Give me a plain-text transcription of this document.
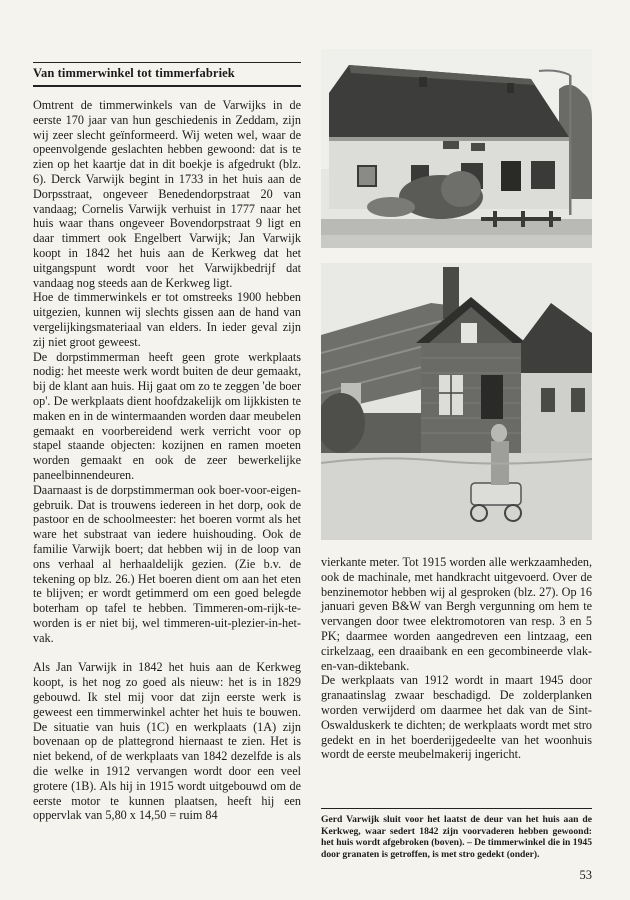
Van timmerwinkel tot timmerfabriek

Omtrent de timmerwinkels van de Varwijks in de eerste 170 jaar van hun geschiedenis in Zeddam, zijn wij zeer slecht geïnformeerd. Wij weten wel, waar de opeenvolgende geslachten hebben gewoond: dat is te zien op het kaartje dat in dit boekje is afgedrukt (blz. 6). Derck Varwijk begint in 1733 in het huis aan de Dorpsstraat, ongeveer Benedendorpstraat 20 van vandaag; Cornelis Varwijk verhuist in 1777 naar het huis waar thans ongeveer Bovendorpstraat 9 ligt en daar timmert ook Engelbert Varwijk; Jan Varwijk koopt in 1842 het huis aan de Kerkweg dat het uitgangspunt wordt voor het Varwijkbedrijf dat vandaag nog steeds aan de Kerkweg ligt.

Hoe de timmerwinkels er tot omstreeks 1900 hebben uitgezien, kunnen wij slechts gissen aan de hand van vergelijkingsmateriaal van elders. In ieder geval zijn zij niet groot geweest.

De dorpstimmerman heeft geen grote werkplaats nodig: het meeste werk wordt buiten de deur gemaakt, bij de klant aan huis. Hij gaat om zo te zeggen 'de boer op'. De werkplaats dient hoofdzakelijk om lijkkisten te maken en in de wintermaanden worden daar meubelen gemaakt en voorbereidend werk verricht voor op stapel staande objecten: kozijnen en ramen moeten worden gemaakt en ook de zeer bewerkelijke paneelbinnendeuren.

Daarnaast is de dorpstimmerman ook boer-voor-eigen-gebruik. Dat is trouwens iedereen in het dorp, ook de pastoor en de schoolmeester: het boeren vormt als het ware het substraat van iedere huishouding. Ook de familie Varwijk boert; dat hebben wij in de loop van ons verhaal al herhaaldelijk gezien. (Zie b.v. de tekening op blz. 26.) Het boeren dient om aan het eten te blijven; er wordt getimmerd om een goed belegde boterham op tafel te hebben. Timmeren-om-rijk-te-worden is er niet bij, wel timmeren-uit-plezier-in-het-vak.

Als Jan Varwijk in 1842 het huis aan de Kerkweg koopt, is het nog zo goed als nieuw: het is in 1829 gebouwd. Ik stel mij voor dat zijn eerste werk is geweest een timmerwinkel achter het huis te bouwen. De situatie van huis (1C) en werkplaats (1A) zijn bovenaan op de plattegrond hiernaast te zien. Het is niet bekend, of de werkplaats van 1842 dezelfde is als die welke in 1912 vervangen wordt door een veel grotere (1B). Als hij in 1915 wordt uitgebouwd om de eerste motor te kunnen plaatsen, heeft hij een oppervlak van 5,80 x 14,50 = ruim 84

vierkante meter. Tot 1915 worden alle werkzaamheden, ook de machinale, met handkracht uitgevoerd. Over de benzinemotor hebben wij al gesproken (blz. 27). Op 16 januari geven B&W van Bergh vergunning om hem te vervangen door twee elektromotoren van resp. 3 en 5 PK; daarmee worden aangedreven een lintzaag, een cirkelzaag, een draaibank en een gecombineerde vlak-en-van-diktebank.

De werkplaats van 1912 wordt in maart 1945 door granaatinslag zwaar beschadigd. De zolderplanken worden verwijderd om daarmee het dak van de Sint-Oswalduskerk te dichten; de werkplaats wordt met stro gedekt en in het boerderijgedeelte van het woonhuis wordt de eerste meubelmakerij ingericht.

Gerd Varwijk sluit voor het laatst de deur van het huis aan de Kerkweg, waar sedert 1842 zijn voorvaderen hebben gewoond: het huis wordt afgebroken (boven). – De timmerwinkel die in 1945 door granaten is getroffen, is met stro gedekt (onder).
53
